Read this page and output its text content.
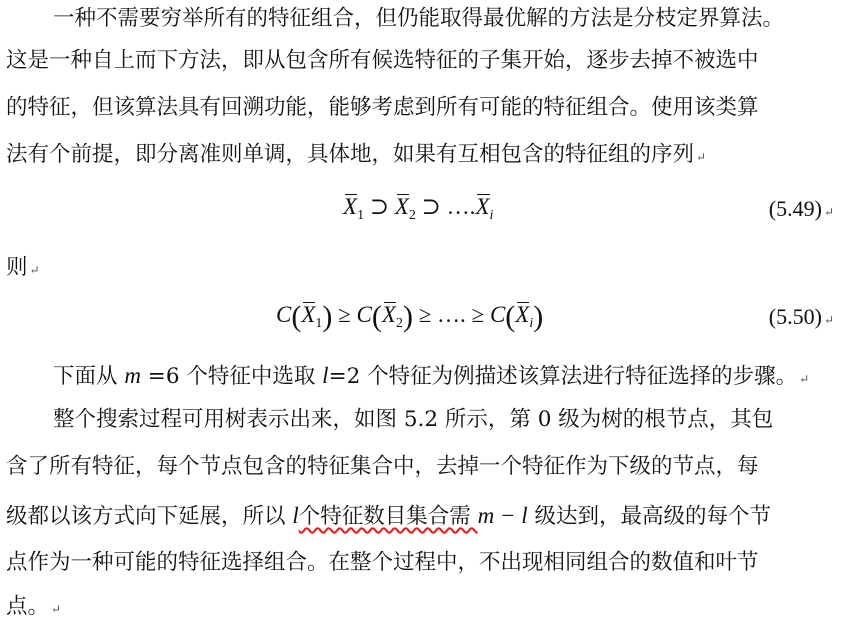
一种不需要穷举所有的特征组合，但仍能取得最优解的方法是分枝定界算法。
这是一种自上而下方法，即从包含所有候选特征的子集开始，逐步去掉不被选中
的特征，但该算法具有回溯功能，能够考虑到所有可能的特征组合。使用该类算
法有个前提，即分离准则单调，具体地，如果有互相包含的特征组的序列 ↵
$X_1$ ⊃ $X_2$ ⊃ $\dots.X_i$	(5.49) ↵
则 ↵
$C(X_1) \ge C(X_2)$ ≥ …. ≥ $C(X_i)$	(5.50) ↵
下面从 m =6 个特征中选取 l=2 个特征为例描述该算法进行特征选择的步骤。 ↵
整个搜索过程可用树表示出来，如图 5.2 所示，第 0 级为树的根节点，其包
含了所有特征，每个节点包含的特征集合中，去掉一个特征作为下级的节点，每
级都以该方式向下延展，所以 l个特征数目集合需 m − l 级达到，最高级的每个节
点作为一种可能的特征选择组合。在整个过程中，不出现相同组合的数值和叶节
点。 ↵
